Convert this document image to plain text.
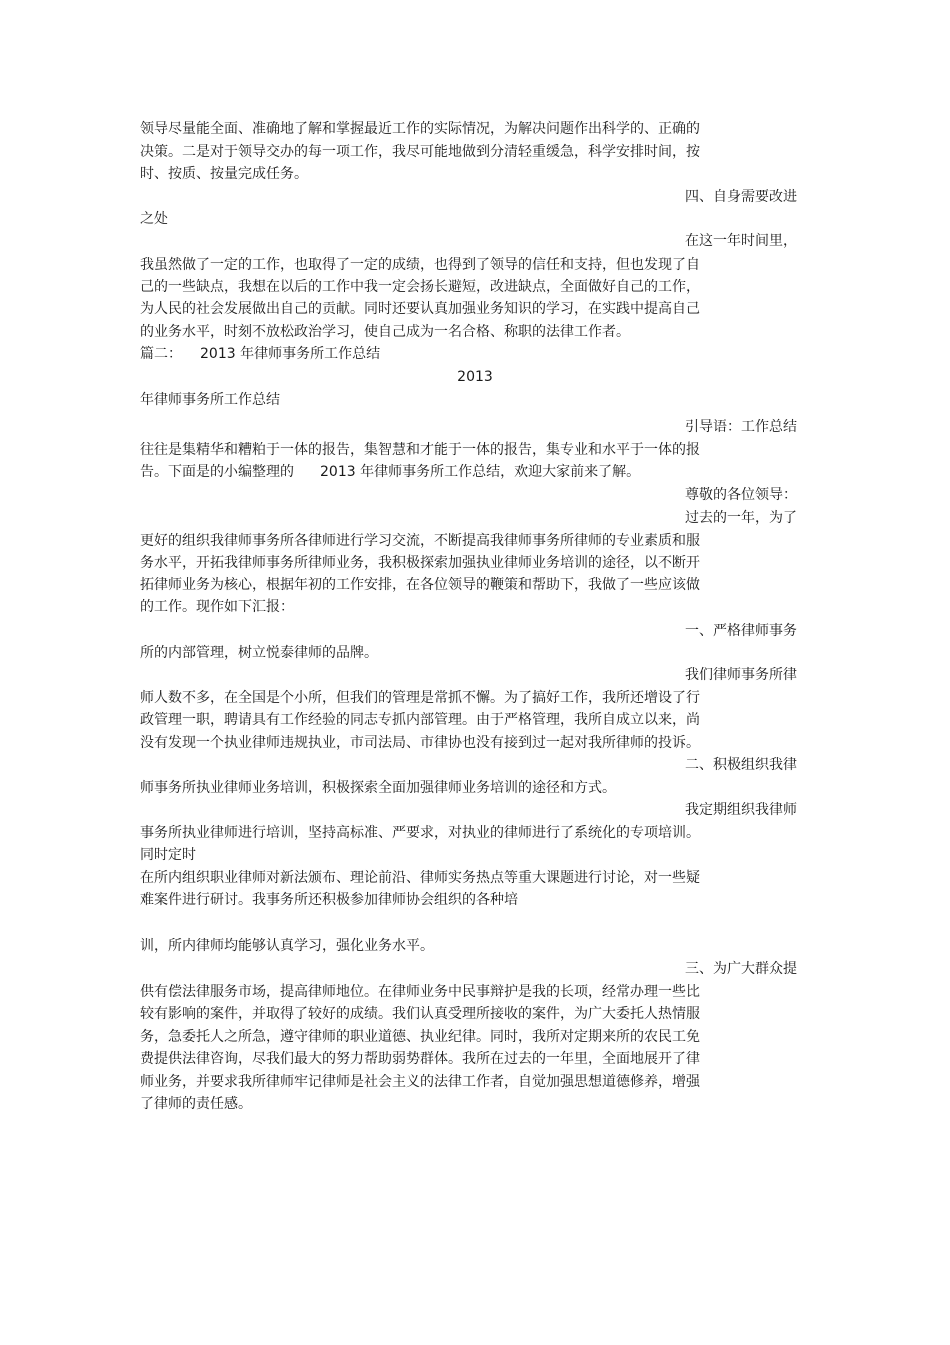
领导尽量能全面、准确地了解和掌握最近工作的实际情况，为解决问题作出科学的、正确的

决策。二是对于领导交办的每一项工作，我尽可能地做到分清轻重缓急，科学安排时间，按

时、按质、按量完成任务。

四、自身需要改进

之处

在这一年时间里，

我虽然做了一定的工作，也取得了一定的成绩，也得到了领导的信任和支持，但也发现了自

己的一些缺点，我想在以后的工作中我一定会扬长避短，改进缺点，全面做好自己的工作，

为人民的社会发展做出自己的贡献。同时还要认真加强业务知识的学习，在实践中提高自己

的业务水平，时刻不放松政治学习，使自己成为一名合格、称职的法律工作者。

篇二： 2013 年律师事务所工作总结

2013

年律师事务所工作总结

引导语：工作总结

往往是集精华和糟粕于一体的报告，集智慧和才能于一体的报告，集专业和水平于一体的报

告。下面是的小编整理的 2013 年律师事务所工作总结，欢迎大家前来了解。

尊敬的各位领导：

过去的一年，为了

更好的组织我律师事务所各律师进行学习交流，不断提高我律师事务所律师的专业素质和服

务水平，开拓我律师事务所律师业务，我积极探索加强执业律师业务培训的途径，以不断开

拓律师业务为核心，根据年初的工作安排，在各位领导的鞭策和帮助下，我做了一些应该做

的工作。现作如下汇报：

一、严格律师事务

所的内部管理，树立悦泰律师的品牌。

我们律师事务所律

师人数不多，在全国是个小所，但我们的管理是常抓不懈。为了搞好工作，我所还增设了行

政管理一职，聘请具有工作经验的同志专抓内部管理。由于严格管理，我所自成立以来，尚

没有发现一个执业律师违规执业，市司法局、市律协也没有接到过一起对我所律师的投诉。

二、积极组织我律

师事务所执业律师业务培训，积极探索全面加强律师业务培训的途径和方式。

我定期组织我律师

事务所执业律师进行培训，坚持高标准、严要求，对执业的律师进行了系统化的专项培训。

同时定时

在所内组织职业律师对新法颁布、理论前沿、律师实务热点等重大课题进行讨论，对一些疑

难案件进行研讨。我事务所还积极参加律师协会组织的各种培

训，所内律师均能够认真学习，强化业务水平。

三、为广大群众提

供有偿法律服务市场，提高律师地位。在律师业务中民事辩护是我的长项，经常办理一些比

较有影响的案件，并取得了较好的成绩。我们认真受理所接收的案件，为广大委托人热情服

务，急委托人之所急，遵守律师的职业道德、执业纪律。同时，我所对定期来所的农民工免

费提供法律咨询，尽我们最大的努力帮助弱势群体。我所在过去的一年里，全面地展开了律

师业务，并要求我所律师牢记律师是社会主义的法律工作者，自觉加强思想道德修养，增强

了律师的责任感。
